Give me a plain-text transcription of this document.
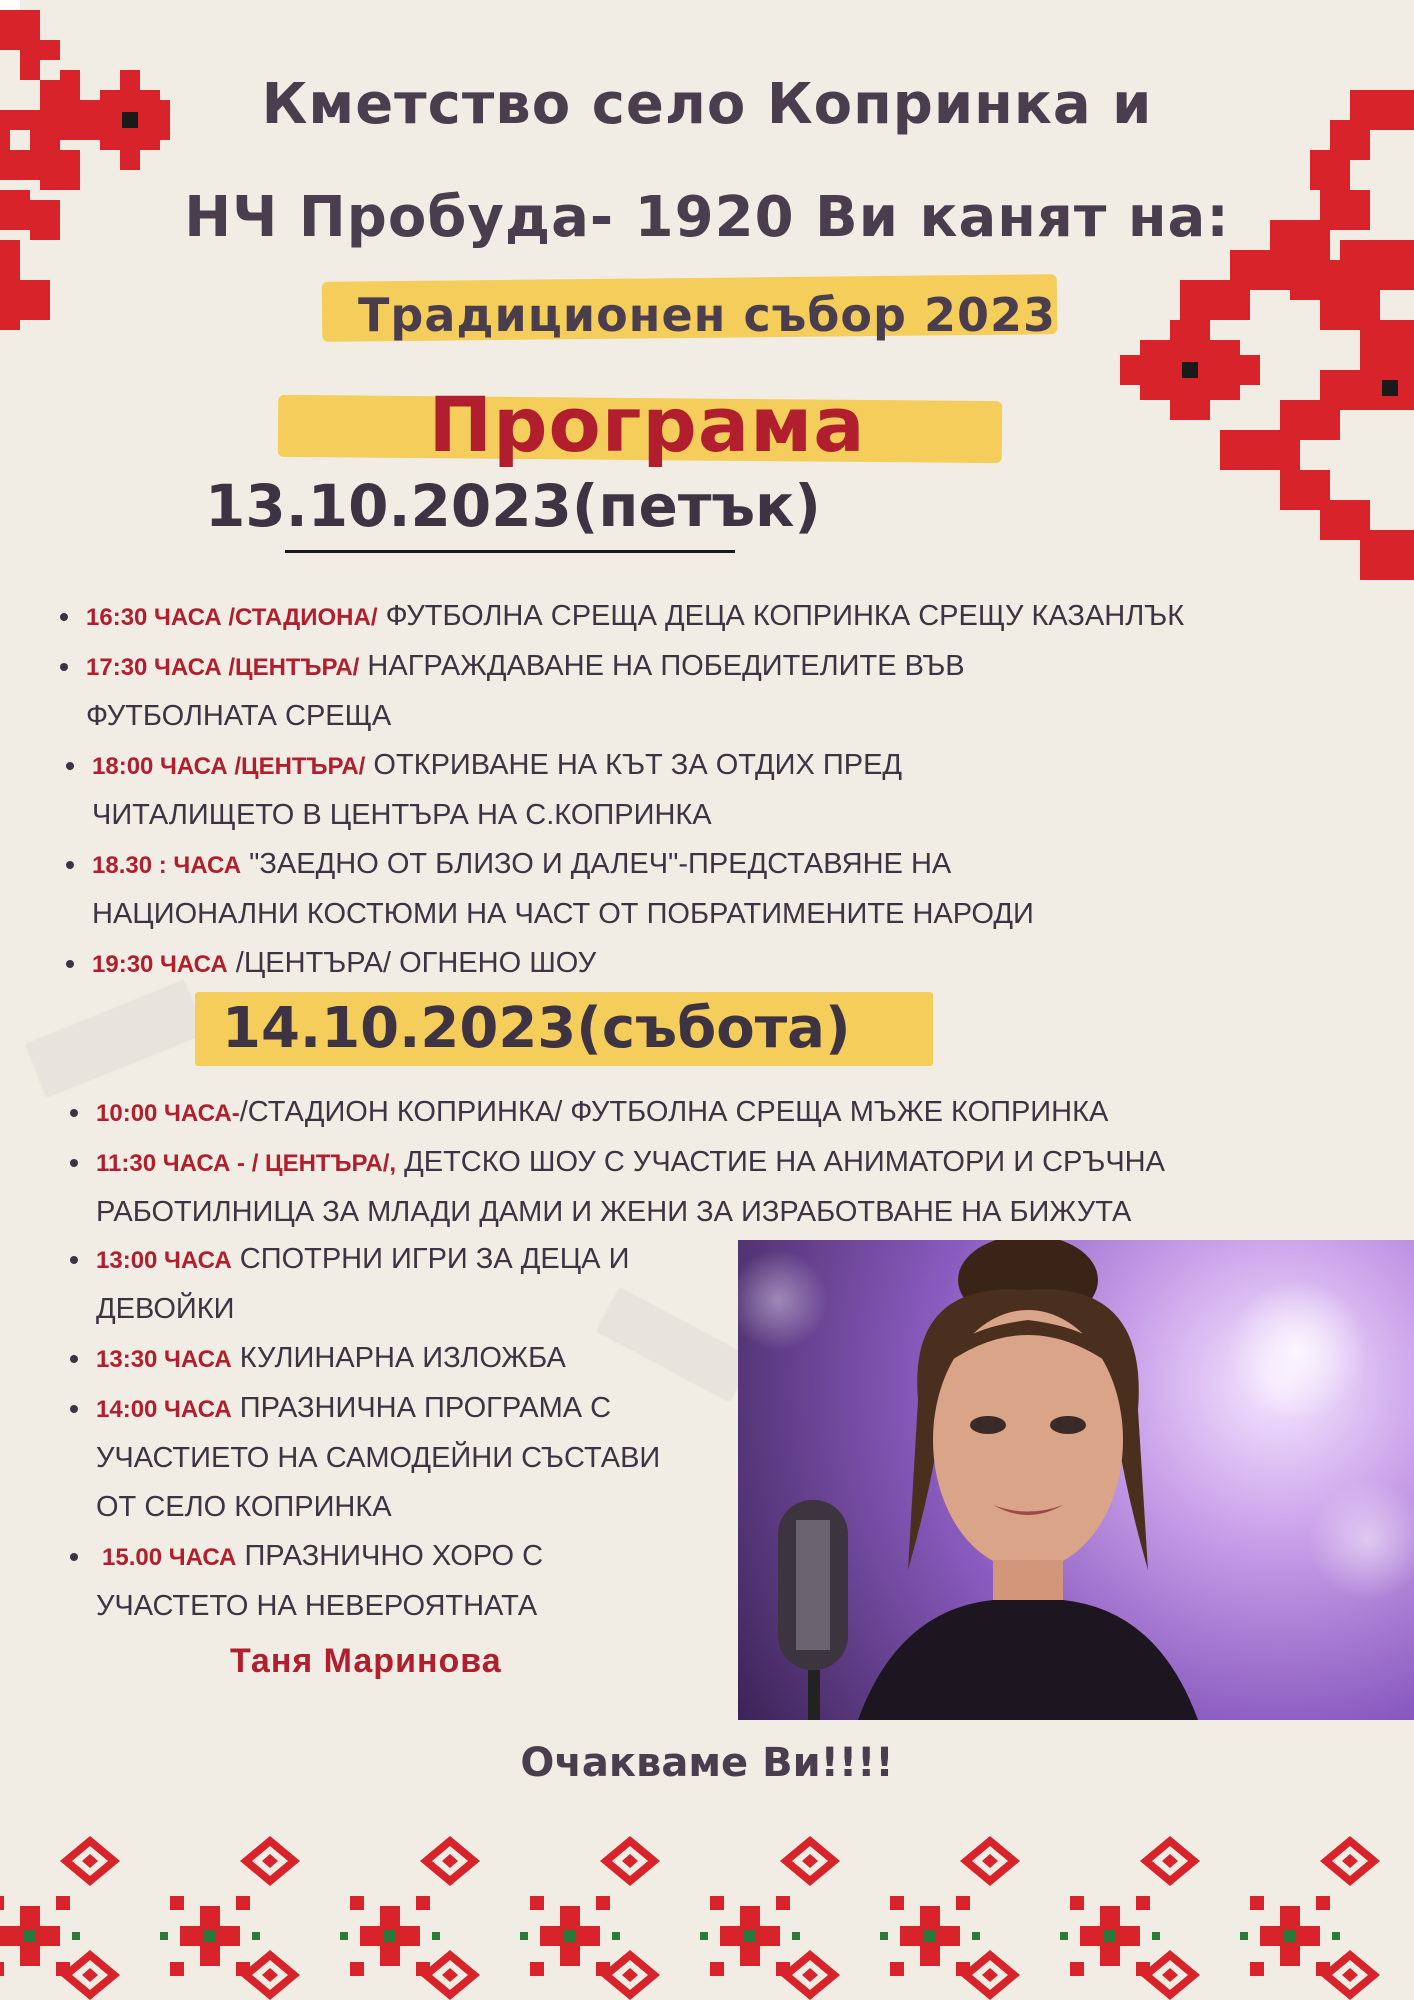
Кметство село Копринка и
НЧ Пробуда- 1920 Ви канят на:
Традиционен събор 2023
Програма
13.10.2023(петък)
16:30 ЧАСА /СТАДИОНА/ ФУТБОЛНА СРЕЩА ДЕЦА КОПРИНКА СРЕЩУ КАЗАНЛЪК
17:30 ЧАСА /ЦЕНТЪРА/ НАГРАЖДАВАНЕ НА ПОБЕДИТЕЛИТЕ ВЪВ ФУТБОЛНАТА СРЕЩА
18:00 ЧАСА /ЦЕНТЪРА/ ОТКРИВАНЕ НА КЪТ ЗА ОТДИХ ПРЕД ЧИТАЛИЩЕТО В ЦЕНТЪРА НА С.КОПРИНКА
18.30 : ЧАСА "ЗАЕДНО ОТ БЛИЗО И ДАЛЕЧ"-ПРЕДСТАВЯНЕ НА НАЦИОНАЛНИ КОСТЮМИ НА ЧАСТ ОТ ПОБРАТИМЕНИТЕ НАРОДИ
19:30 ЧАСА /ЦЕНТЪРА/ ОГНЕНО ШОУ
14.10.2023(събота)
10:00 ЧАСА-/СТАДИОН КОПРИНКА/ ФУТБОЛНА СРЕЩА МЪЖЕ КОПРИНКА
11:30 ЧАСА - / ЦЕНТЪРА/, ДЕТСКО ШОУ С УЧАСТИЕ НА АНИМАТОРИ И СРЪЧНА РАБОТИЛНИЦА ЗА МЛАДИ ДАМИ И ЖЕНИ ЗА ИЗРАБОТВАНЕ НА БИЖУТА
13:00 ЧАСА СПОТРНИ ИГРИ ЗА ДЕЦА И ДЕВОЙКИ
13:30 ЧАСА КУЛИНАРНА ИЗЛОЖБА
14:00 ЧАСА ПРАЗНИЧНА ПРОГРАМА С УЧАСТИЕТО НА САМОДЕЙНИ СЪСТАВИ ОТ СЕЛО КОПРИНКА
15.00 ЧАСА ПРАЗНИЧНО ХОРО С УЧАСТЕТО НА НЕВЕРОЯТНАТА
Таня Маринова
Очакваме Ви!!!!
